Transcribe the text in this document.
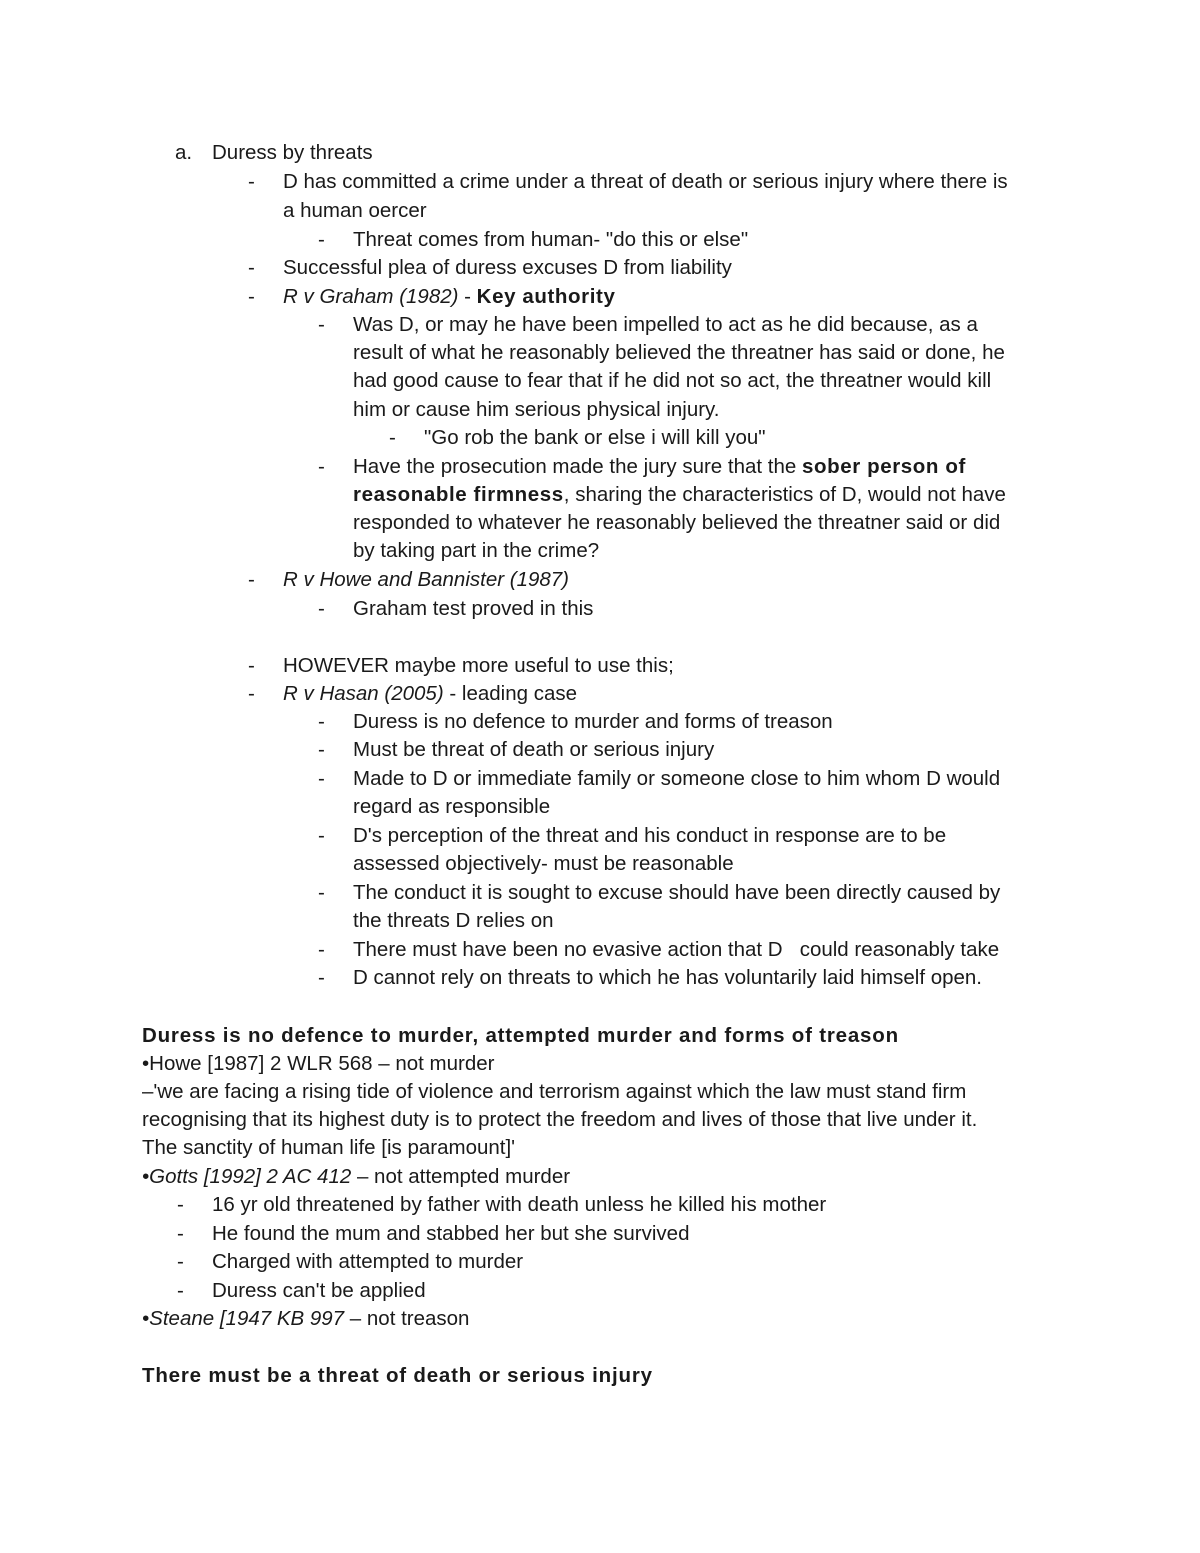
a. Duress by threats
- D has committed a crime under a threat of death or serious injury where there is
a human oercer
- Threat comes from human- "do this or else"
- Successful plea of duress excuses D from liability
- R v Graham (1982) - Key authority
- Was D, or may he have been impelled to act as he did because, as a
result of what he reasonably believed the threatner has said or done, he
had good cause to fear that if he did not so act, the threatner would kill
him or cause him serious physical injury.
- "Go rob the bank or else i will kill you"
- Have the prosecution made the jury sure that the sober person of
reasonable firmness, sharing the characteristics of D, would not have
responded to whatever he reasonably believed the threatner said or did
by taking part in the crime?
- R v Howe and Bannister (1987)
- Graham test proved in this
- HOWEVER maybe more useful to use this;
- R v Hasan (2005) - leading case
- Duress is no defence to murder and forms of treason
- Must be threat of death or serious injury
- Made to D or immediate family or someone close to him whom D would
regard as responsible
- D's perception of the threat and his conduct in response are to be
assessed objectively- must be reasonable
- The conduct it is sought to excuse should have been directly caused by
the threats D relies on
- There must have been no evasive action that D   could reasonably take
- D cannot rely on threats to which he has voluntarily laid himself open.
Duress is no defence to murder, attempted murder and forms of treason
•Howe [1987] 2 WLR 568 – not murder
–'we are facing a rising tide of violence and terrorism against which the law must stand firm
recognising that its highest duty is to protect the freedom and lives of those that live under it.
The sanctity of human life [is paramount]'
•Gotts [1992] 2 AC 412 – not attempted murder
- 16 yr old threatened by father with death unless he killed his mother
- He found the mum and stabbed her but she survived
- Charged with attempted to murder
- Duress can't be applied
•Steane [1947 KB 997 – not treason
There must be a threat of death or serious injury
